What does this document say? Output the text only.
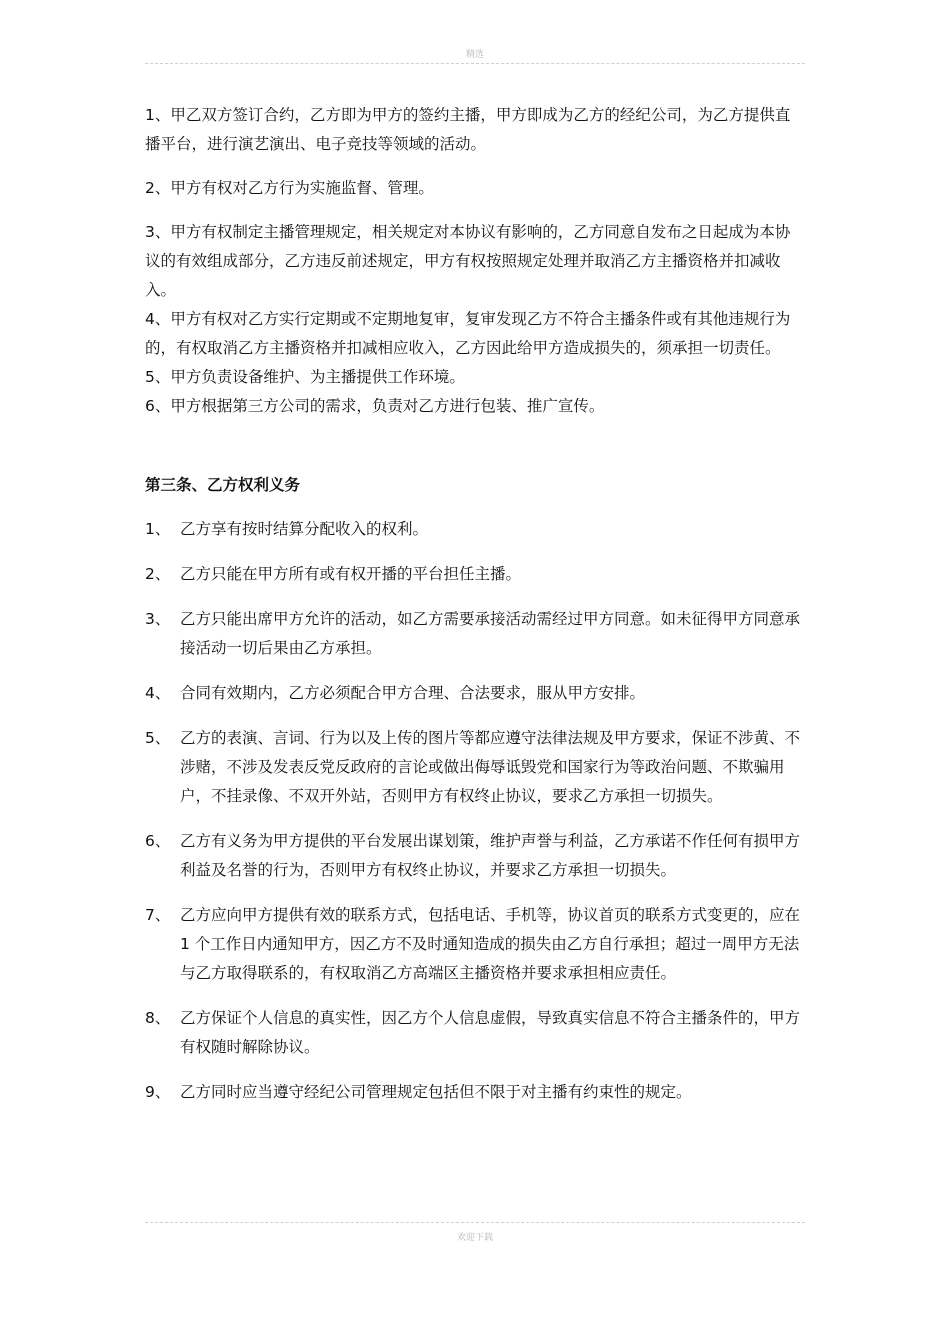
精选

1、甲乙双方签订合约，乙方即为甲方的签约主播，甲方即成为乙方的经纪公司，为乙方提供直播平台，进行演艺演出、电子竞技等领域的活动。

2、甲方有权对乙方行为实施监督、管理。

3、甲方有权制定主播管理规定，相关规定对本协议有影响的，乙方同意自发布之日起成为本协议的有效组成部分，乙方违反前述规定，甲方有权按照规定处理并取消乙方主播资格并扣减收入。

4、甲方有权对乙方实行定期或不定期地复审，复审发现乙方不符合主播条件或有其他违规行为的，有权取消乙方主播资格并扣减相应收入，乙方因此给甲方造成损失的，须承担一切责任。

5、甲方负责设备维护、为主播提供工作环境。

6、甲方根据第三方公司的需求，负责对乙方进行包装、推广宣传。

第三条、乙方权利义务
1、 乙方享有按时结算分配收入的权利。
2、 乙方只能在甲方所有或有权开播的平台担任主播。
3、 乙方只能出席甲方允许的活动，如乙方需要承接活动需经过甲方同意。如未征得甲方同意承接活动一切后果由乙方承担。
4、 合同有效期内，乙方必须配合甲方合理、合法要求，服从甲方安排。
5、 乙方的表演、言词、行为以及上传的图片等都应遵守法律法规及甲方要求，保证不涉黄、不涉赌，不涉及发表反党反政府的言论或做出侮辱诋毁党和国家行为等政治问题、不欺骗用户，不挂录像、不双开外站，否则甲方有权终止协议，要求乙方承担一切损失。
6、 乙方有义务为甲方提供的平台发展出谋划策，维护声誉与利益，乙方承诺不作任何有损甲方利益及名誉的行为，否则甲方有权终止协议，并要求乙方承担一切损失。
7、 乙方应向甲方提供有效的联系方式，包括电话、手机等，协议首页的联系方式变更的，应在 1 个工作日内通知甲方，因乙方不及时通知造成的损失由乙方自行承担；超过一周甲方无法与乙方取得联系的，有权取消乙方高端区主播资格并要求承担相应责任。
8、 乙方保证个人信息的真实性，因乙方个人信息虚假，导致真实信息不符合主播条件的，甲方有权随时解除协议。
9、 乙方同时应当遵守经纪公司管理规定包括但不限于对主播有约束性的规定。
欢迎下载
